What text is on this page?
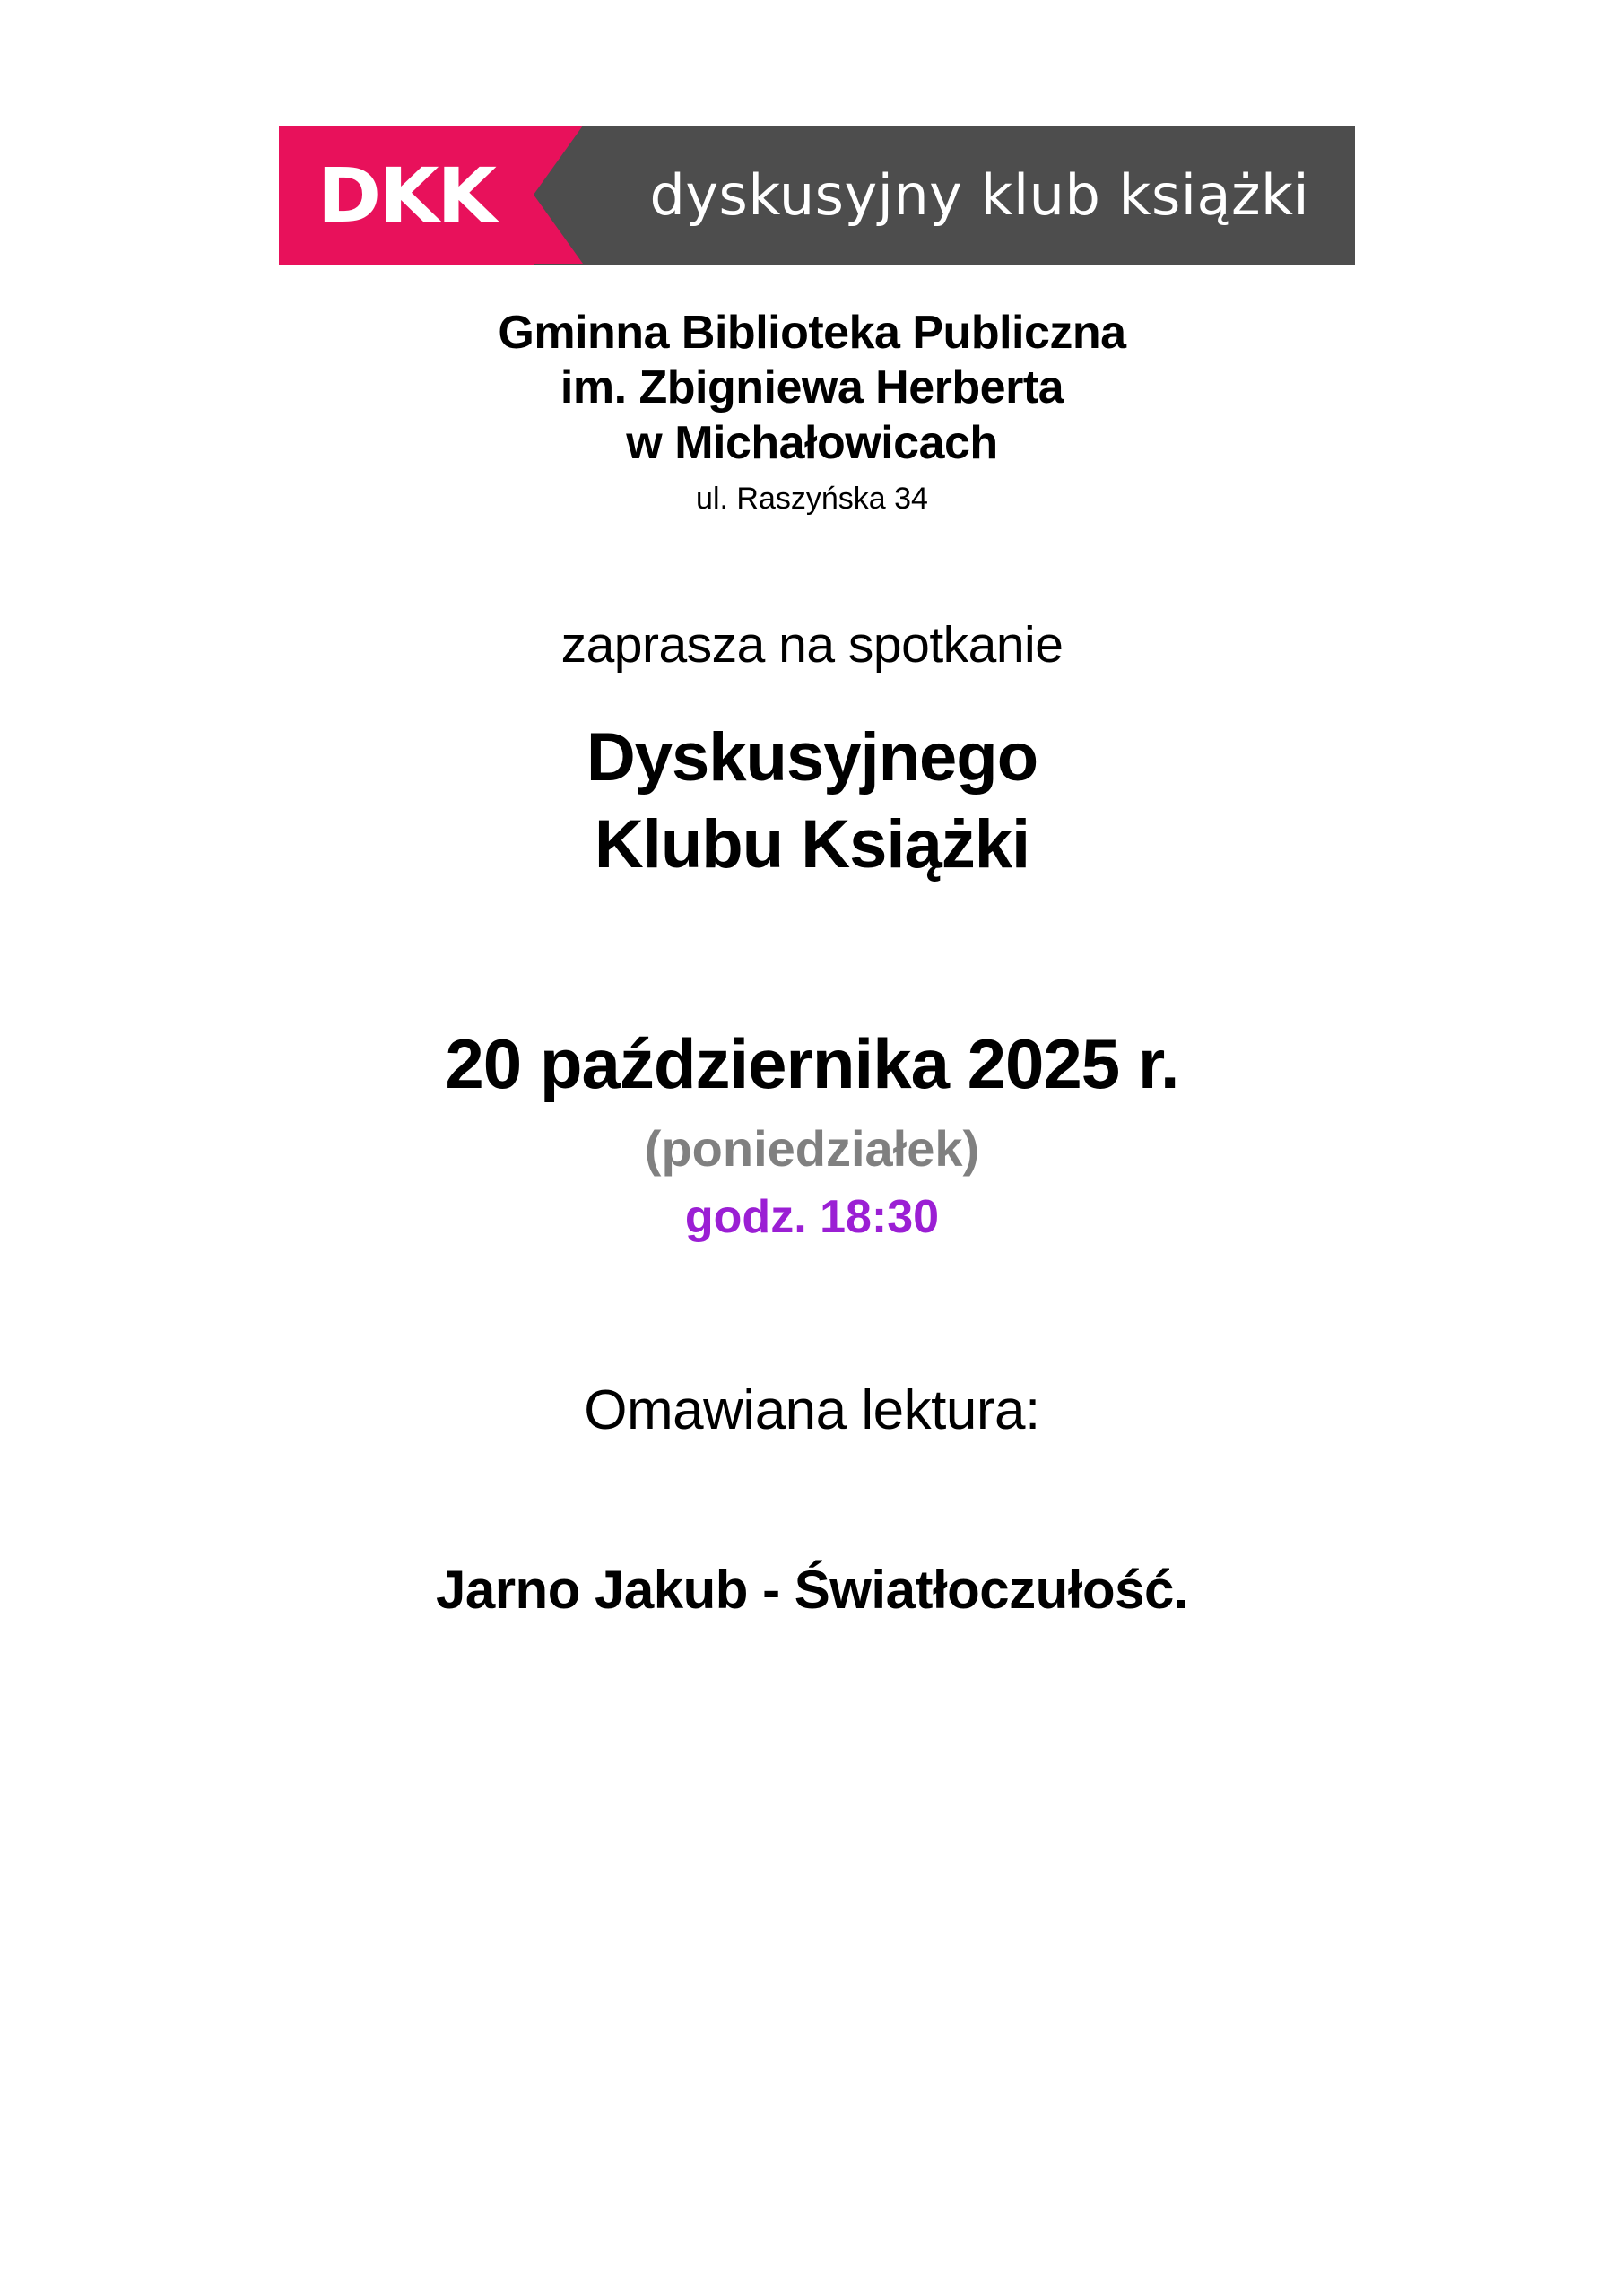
DKK	dyskusyjny klub książki
Gminna Biblioteka Publiczna
im. Zbigniewa Herberta
w Michałowicach
ul. Raszyńska 34
zaprasza na spotkanie
Dyskusyjnego
Klubu Książki
20 października 2025 r.
(poniedziałek)
godz. 18:30
Omawiana lektura:
Jarno Jakub - Światłoczułość.
